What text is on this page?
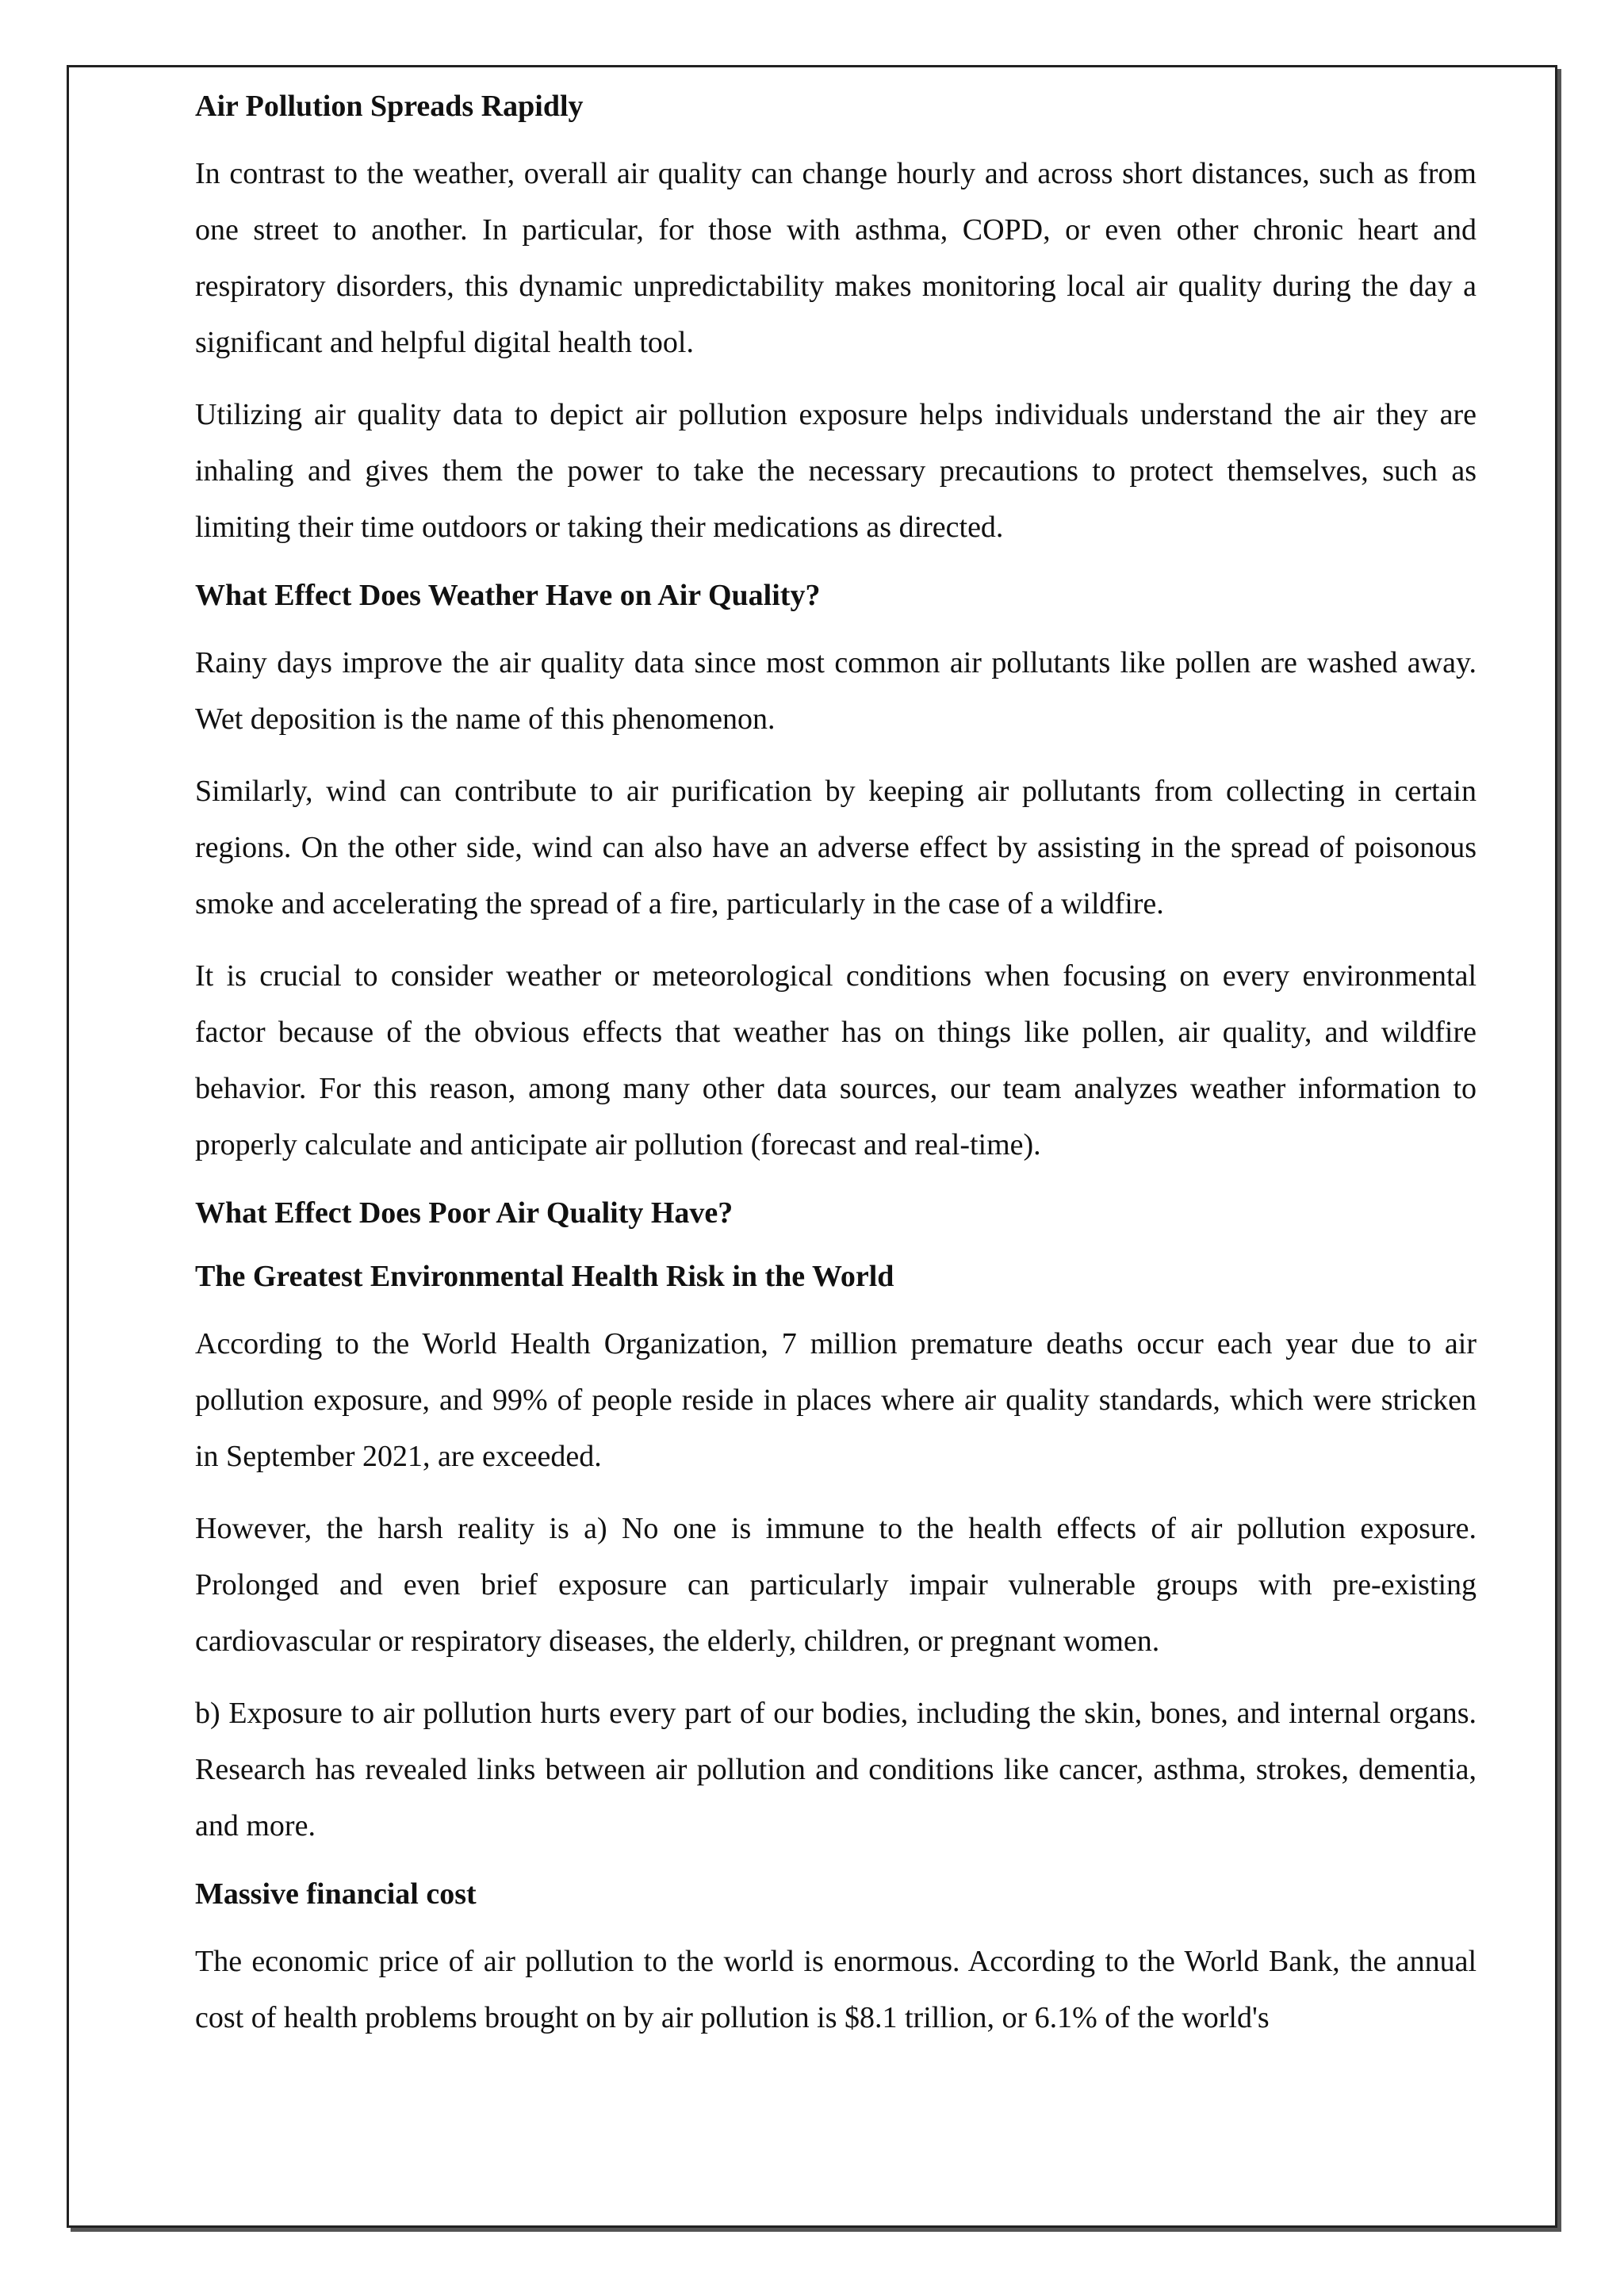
Air Pollution Spreads Rapidly

In contrast to the weather, overall air quality can change hourly and across short distances, such as from one street to another. In particular, for those with asthma, COPD, or even other chronic heart and respiratory disorders, this dynamic unpredictability makes monitoring local air quality during the day a significant and helpful digital health tool.

Utilizing air quality data to depict air pollution exposure helps individuals understand the air they are inhaling and gives them the power to take the necessary precautions to protect themselves, such as limiting their time outdoors or taking their medications as directed.

What Effect Does Weather Have on Air Quality?

Rainy days improve the air quality data since most common air pollutants like pollen are washed away. Wet deposition is the name of this phenomenon.

Similarly, wind can contribute to air purification by keeping air pollutants from collecting in certain regions. On the other side, wind can also have an adverse effect by assisting in the spread of poisonous smoke and accelerating the spread of a fire, particularly in the case of a wildfire.

It is crucial to consider weather or meteorological conditions when focusing on every environmental factor because of the obvious effects that weather has on things like pollen, air quality, and wildfire behavior. For this reason, among many other data sources, our team analyzes weather information to properly calculate and anticipate air pollution (forecast and real-time).

What Effect Does Poor Air Quality Have?
The Greatest Environmental Health Risk in the World

According to the World Health Organization, 7 million premature deaths occur each year due to air pollution exposure, and 99% of people reside in places where air quality standards, which were stricken in September 2021, are exceeded.

However, the harsh reality is a) No one is immune to the health effects of air pollution exposure. Prolonged and even brief exposure can particularly impair vulnerable groups with pre-existing cardiovascular or respiratory diseases, the elderly, children, or pregnant women.

b) Exposure to air pollution hurts every part of our bodies, including the skin, bones, and internal organs. Research has revealed links between air pollution and conditions like cancer, asthma, strokes, dementia, and more.

Massive financial cost

The economic price of air pollution to the world is enormous. According to the World Bank, the annual cost of health problems brought on by air pollution is $8.1 trillion, or 6.1% of the world's
